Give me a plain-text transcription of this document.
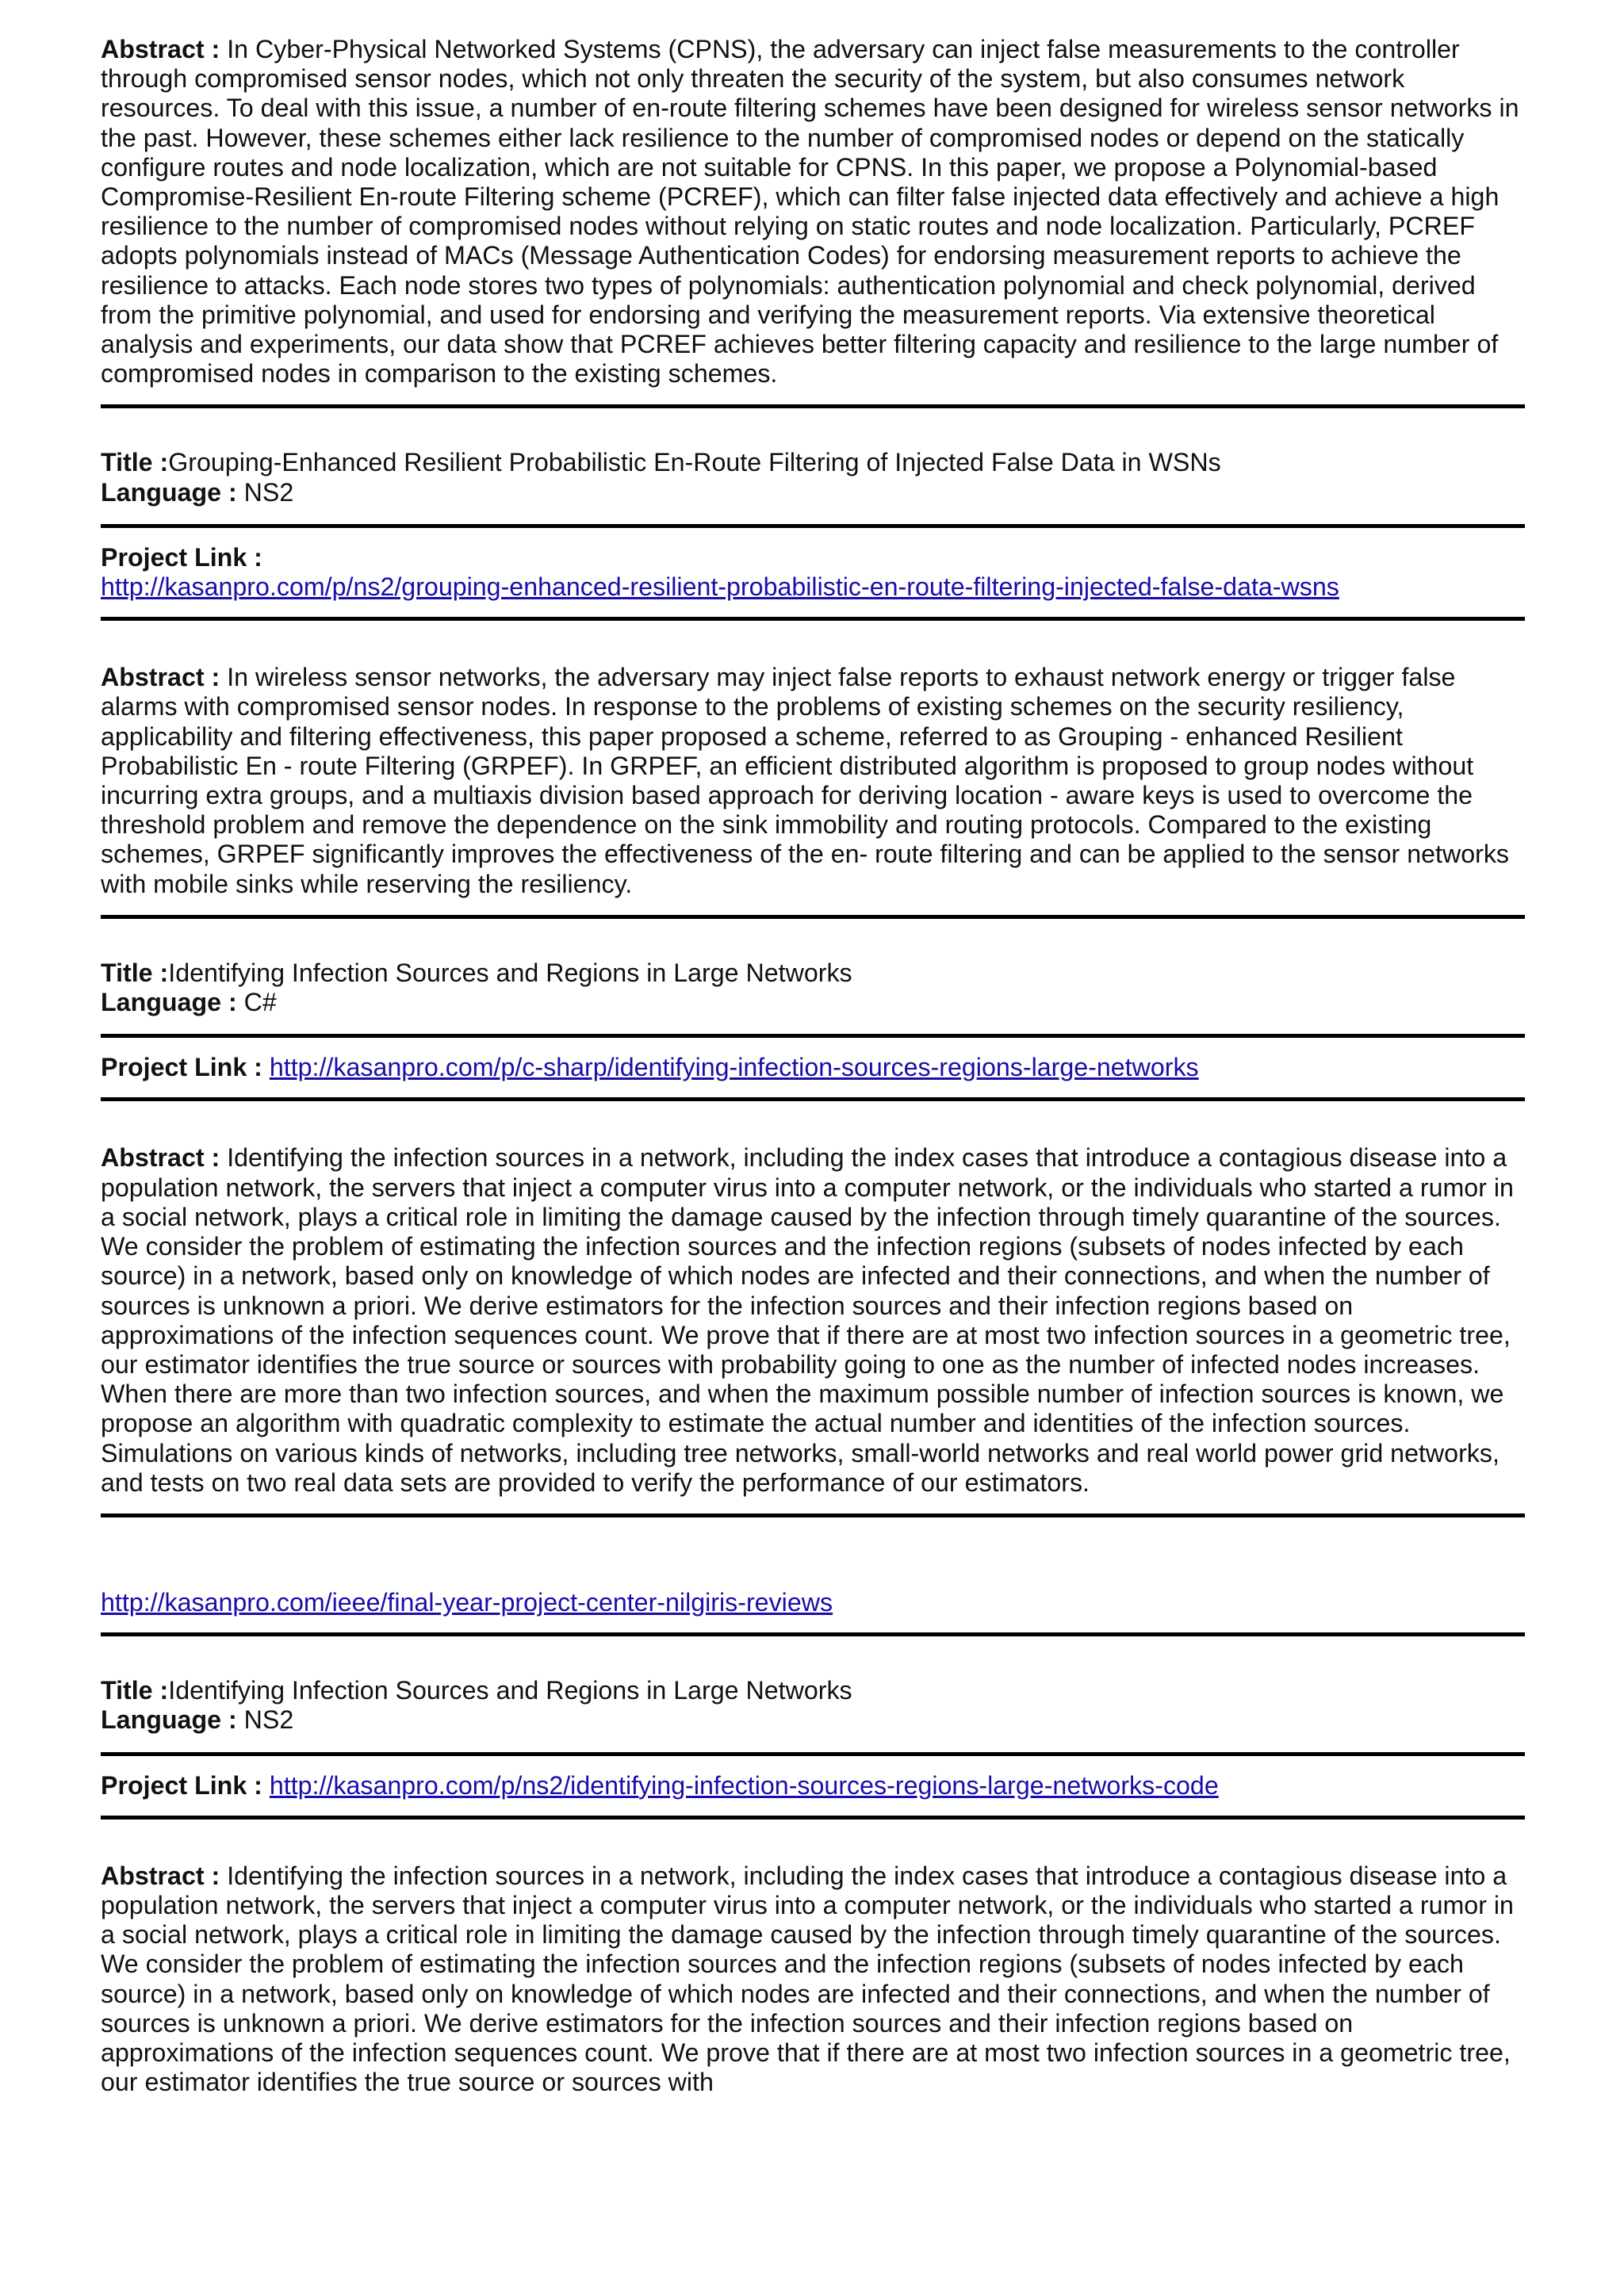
Abstract : In Cyber-Physical Networked Systems (CPNS), the adversary can inject false measurements to the controller through compromised sensor nodes, which not only threaten the security of the system, but also consumes network resources. To deal with this issue, a number of en-route filtering schemes have been designed for wireless sensor networks in the past. However, these schemes either lack resilience to the number of compromised nodes or depend on the statically configure routes and node localization, which are not suitable for CPNS. In this paper, we propose a Polynomial-based Compromise-Resilient En-route Filtering scheme (PCREF), which can filter false injected data effectively and achieve a high resilience to the number of compromised nodes without relying on static routes and node localization. Particularly, PCREF adopts polynomials instead of MACs (Message Authentication Codes) for endorsing measurement reports to achieve the resilience to attacks. Each node stores two types of polynomials: authentication polynomial and check polynomial, derived from the primitive polynomial, and used for endorsing and verifying the measurement reports. Via extensive theoretical analysis and experiments, our data show that PCREF achieves better filtering capacity and resilience to the large number of compromised nodes in comparison to the existing schemes.

Title :Grouping-Enhanced Resilient Probabilistic En-Route Filtering of Injected False Data in WSNs

Language : NS2

Project Link :

http://kasanpro.com/p/ns2/grouping-enhanced-resilient-probabilistic-en-route-filtering-injected-false-data-wsns

Abstract : In wireless sensor networks, the adversary may inject false reports to exhaust network energy or trigger false alarms with compromised sensor nodes. In response to the problems of existing schemes on the security resiliency, applicability and filtering effectiveness, this paper proposed a scheme, referred to as Grouping - enhanced Resilient Probabilistic En - route Filtering (GRPEF). In GRPEF, an efficient distributed algorithm is proposed to group nodes without incurring extra groups, and a multiaxis division based approach for deriving location - aware keys is used to overcome the threshold problem and remove the dependence on the sink immobility and routing protocols. Compared to the existing schemes, GRPEF significantly improves the effectiveness of the en- route filtering and can be applied to the sensor networks with mobile sinks while reserving the resiliency.

Title :Identifying Infection Sources and Regions in Large Networks

Language : C#

Project Link : http://kasanpro.com/p/c-sharp/identifying-infection-sources-regions-large-networks

Abstract : Identifying the infection sources in a network, including the index cases that introduce a contagious disease into a population network, the servers that inject a computer virus into a computer network, or the individuals who started a rumor in a social network, plays a critical role in limiting the damage caused by the infection through timely quarantine of the sources. We consider the problem of estimating the infection sources and the infection regions (subsets of nodes infected by each source) in a network, based only on knowledge of which nodes are infected and their connections, and when the number of sources is unknown a priori. We derive estimators for the infection sources and their infection regions based on approximations of the infection sequences count. We prove that if there are at most two infection sources in a geometric tree, our estimator identifies the true source or sources with probability going to one as the number of infected nodes increases. When there are more than two infection sources, and when the maximum possible number of infection sources is known, we propose an algorithm with quadratic complexity to estimate the actual number and identities of the infection sources. Simulations on various kinds of networks, including tree networks, small-world networks and real world power grid networks, and tests on two real data sets are provided to verify the performance of our estimators.

http://kasanpro.com/ieee/final-year-project-center-nilgiris-reviews

Title :Identifying Infection Sources and Regions in Large Networks

Language : NS2

Project Link : http://kasanpro.com/p/ns2/identifying-infection-sources-regions-large-networks-code

Abstract : Identifying the infection sources in a network, including the index cases that introduce a contagious disease into a population network, the servers that inject a computer virus into a computer network, or the individuals who started a rumor in a social network, plays a critical role in limiting the damage caused by the infection through timely quarantine of the sources. We consider the problem of estimating the infection sources and the infection regions (subsets of nodes infected by each source) in a network, based only on knowledge of which nodes are infected and their connections, and when the number of sources is unknown a priori. We derive estimators for the infection sources and their infection regions based on approximations of the infection sequences count. We prove that if there are at most two infection sources in a geometric tree, our estimator identifies the true source or sources with
